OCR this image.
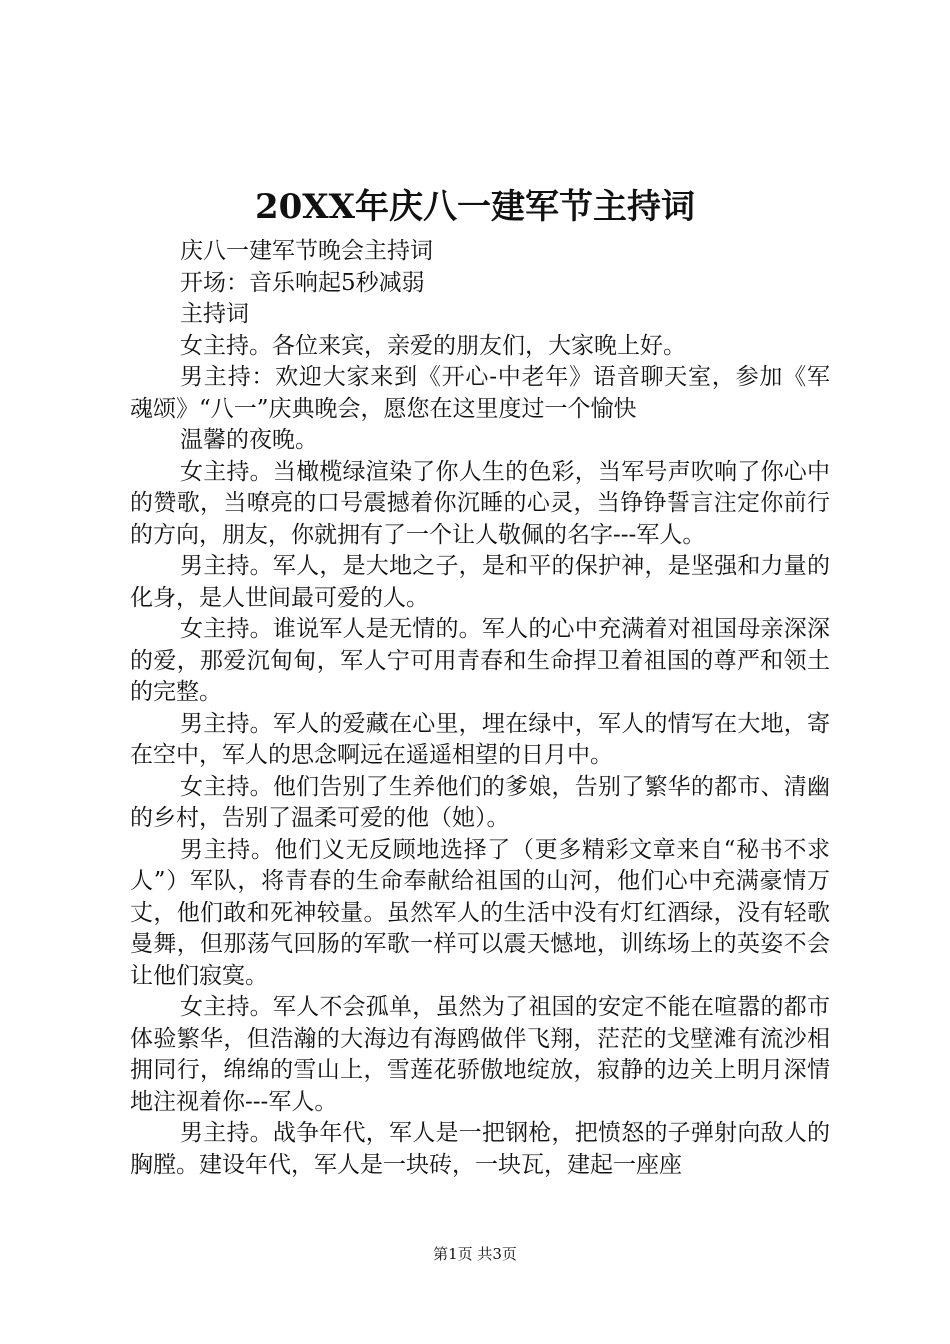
20XX年庆八一建军节主持词

庆八一建军节晚会主持词

开场：音乐响起5秒减弱

主持词

女主持。各位来宾，亲爱的朋友们，大家晚上好。

男主持：欢迎大家来到《开心-中老年》语音聊天室，参加《军魂颂》“八一”庆典晚会，愿您在这里度过一个愉快

温馨的夜晚。

女主持。当橄榄绿渲染了你人生的色彩，当军号声吹响了你心中的赞歌，当嘹亮的口号震撼着你沉睡的心灵，当铮铮誓言注定你前行的方向，朋友，你就拥有了一个让人敬佩的名字---军人。

男主持。军人，是大地之子，是和平的保护神，是坚强和力量的化身，是人世间最可爱的人。

女主持。谁说军人是无情的。军人的心中充满着对祖国母亲深深的爱，那爱沉甸甸，军人宁可用青春和生命捍卫着祖国的尊严和领土的完整。

男主持。军人的爱藏在心里，埋在绿中，军人的情写在大地，寄在空中，军人的思念啊远在遥遥相望的日月中。

女主持。他们告别了生养他们的爹娘，告别了繁华的都市、清幽的乡村，告别了温柔可爱的他（她）。

男主持。他们义无反顾地选择了（更多精彩文章来自“秘书不求人”）军队，将青春的生命奉献给祖国的山河，他们心中充满豪情万丈，他们敢和死神较量。虽然军人的生活中没有灯红酒绿，没有轻歌曼舞，但那荡气回肠的军歌一样可以震天憾地，训练场上的英姿不会让他们寂寞。

女主持。军人不会孤单，虽然为了祖国的安定不能在喧嚣的都市体验繁华，但浩瀚的大海边有海鸥做伴飞翔，茫茫的戈壁滩有流沙相拥同行，绵绵的雪山上，雪莲花骄傲地绽放，寂静的边关上明月深情地注视着你---军人。

男主持。战争年代，军人是一把钢枪，把愤怒的子弹射向敌人的胸膛。建设年代，军人是一块砖，一块瓦，建起一座座

第1页 共3页
